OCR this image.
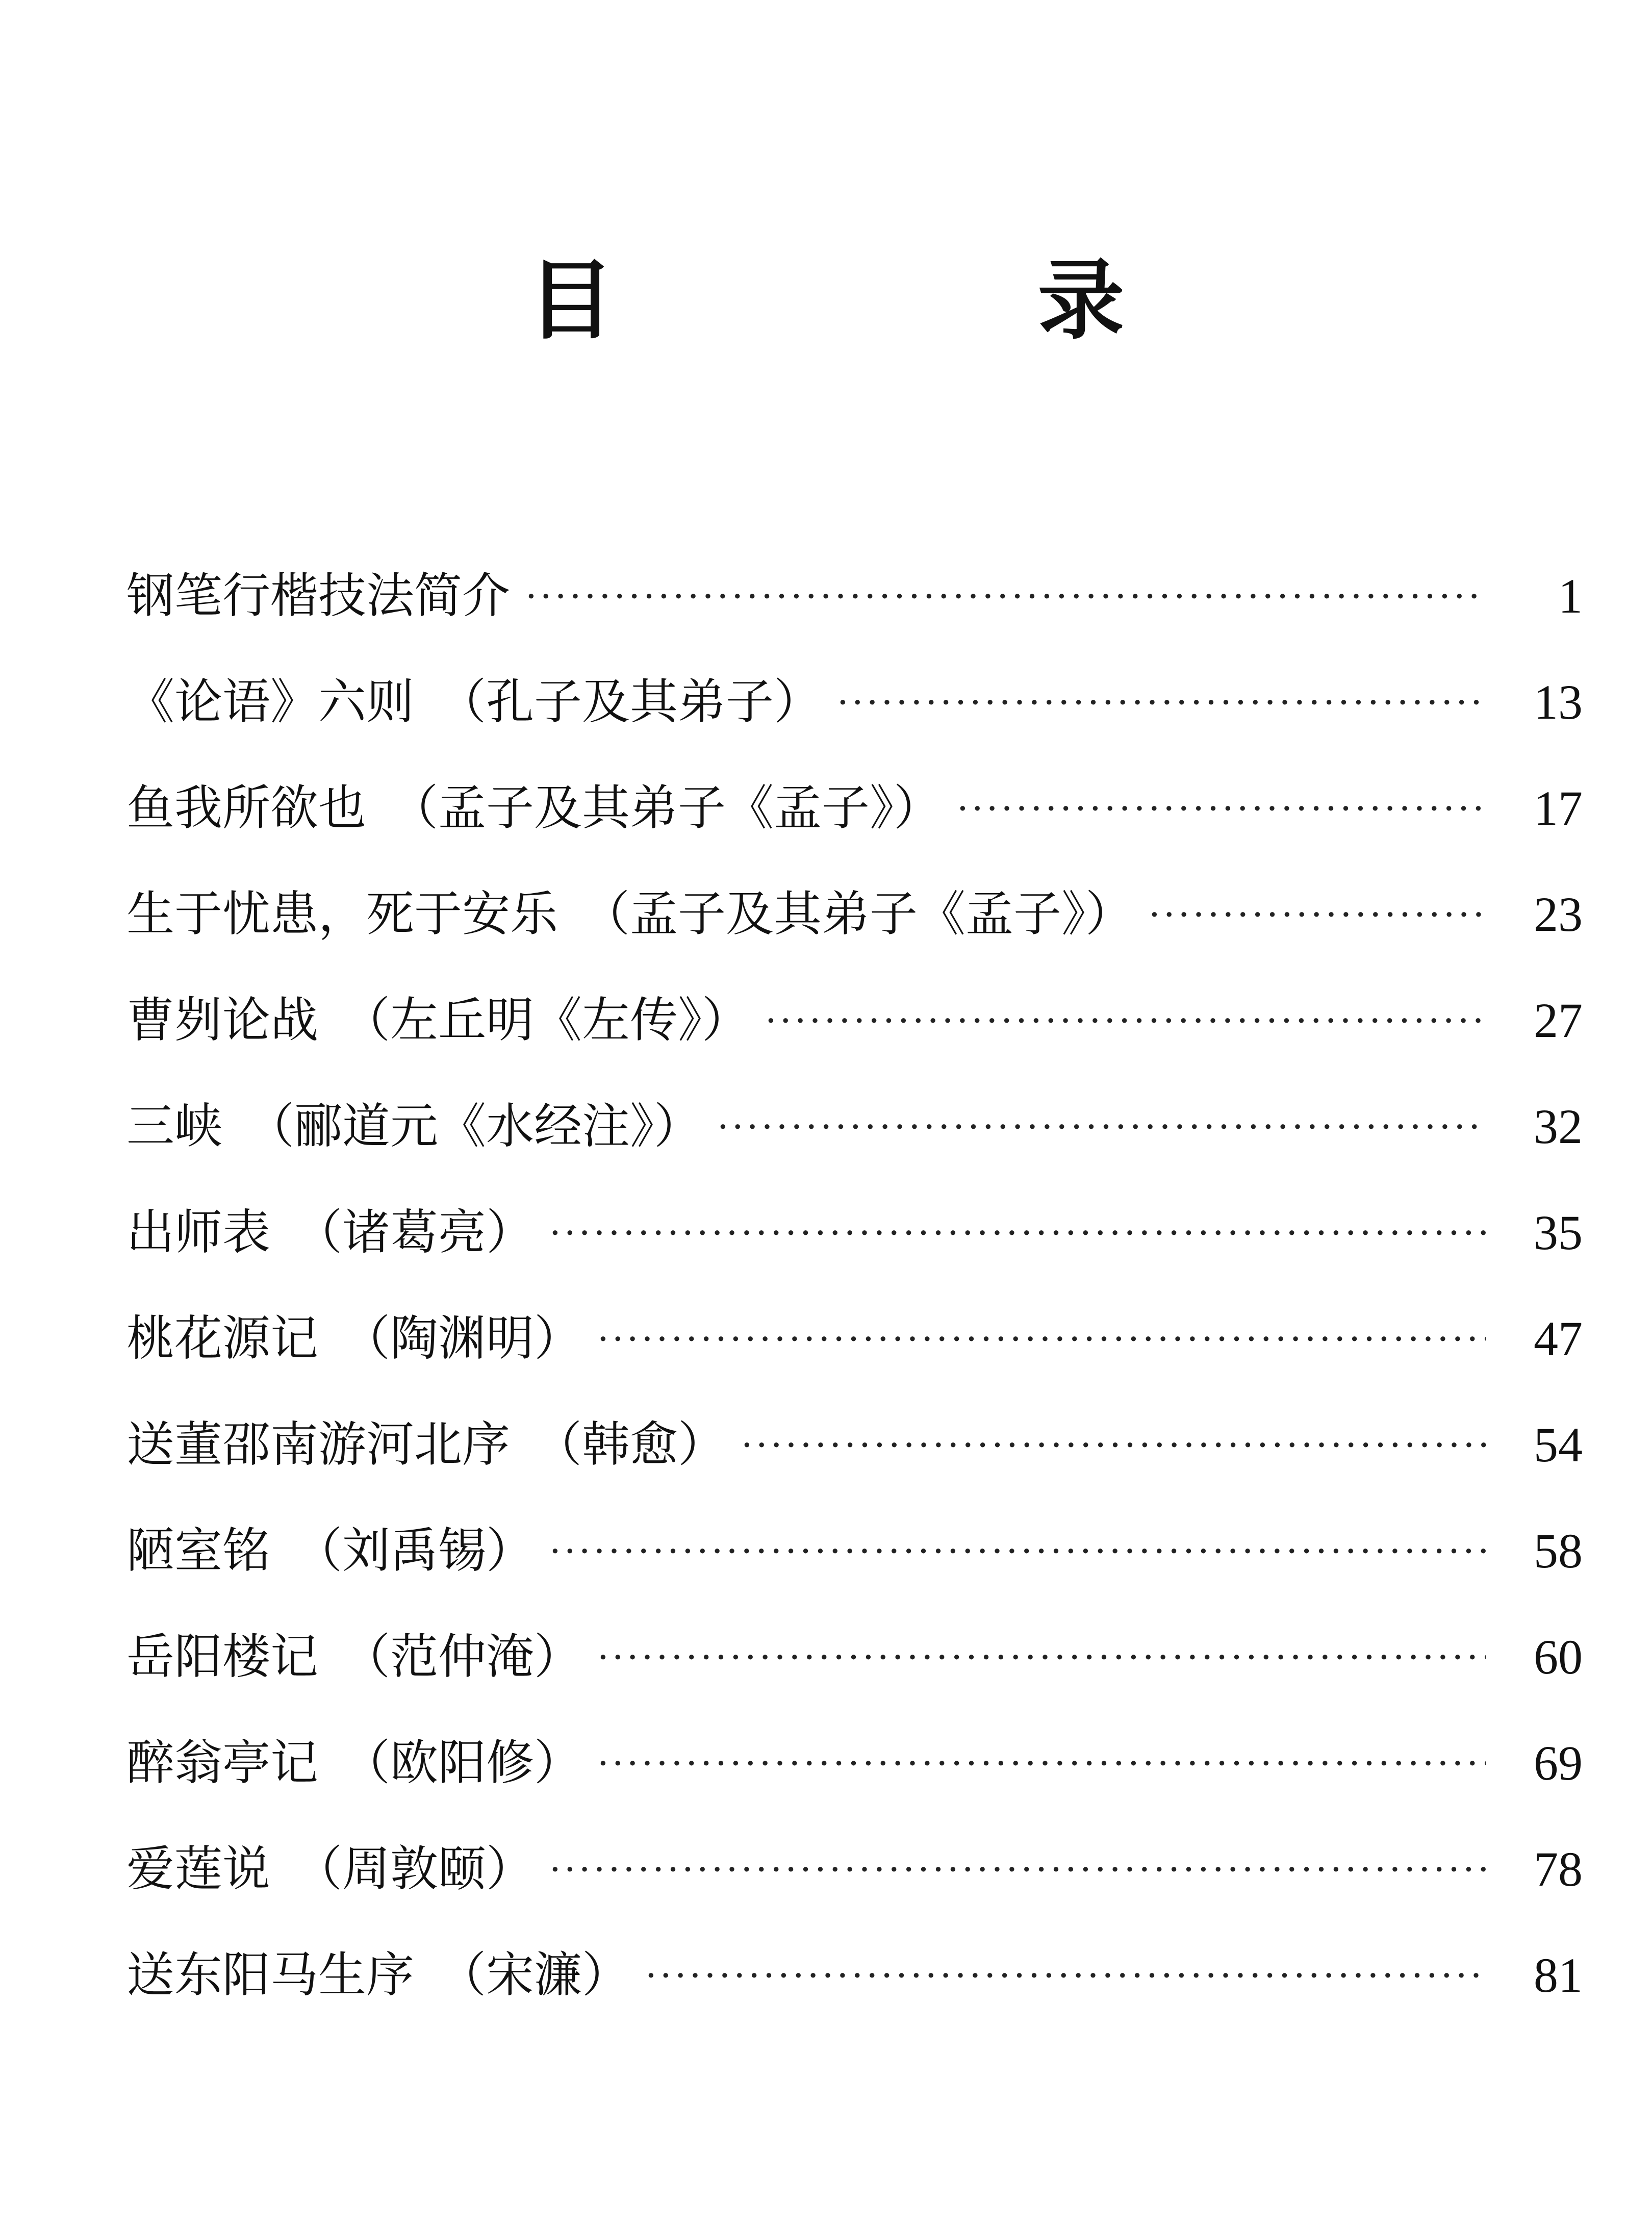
目　录
钢笔行楷技法简介 ·····	1
《论语》六则　（孔子及其弟子） ·····	13
鱼我所欲也　（孟子及其弟子《孟子》） ·····	17
生于忧患，死于安乐　（孟子及其弟子《孟子》） ·····	23
曹刿论战　（左丘明《左传》） ·····	27
三峡　（郦道元《水经注》） ·····	32
出师表　（诸葛亮） ·····	35
桃花源记　（陶渊明） ·····	47
送董邵南游河北序　（韩愈） ·····	54
陋室铭　（刘禹锡） ·····	58
岳阳楼记　（范仲淹） ·····	60
醉翁亭记　（欧阳修） ·····	69
爱莲说　（周敦颐） ·····	78
送东阳马生序　（宋濂） ·····	81
